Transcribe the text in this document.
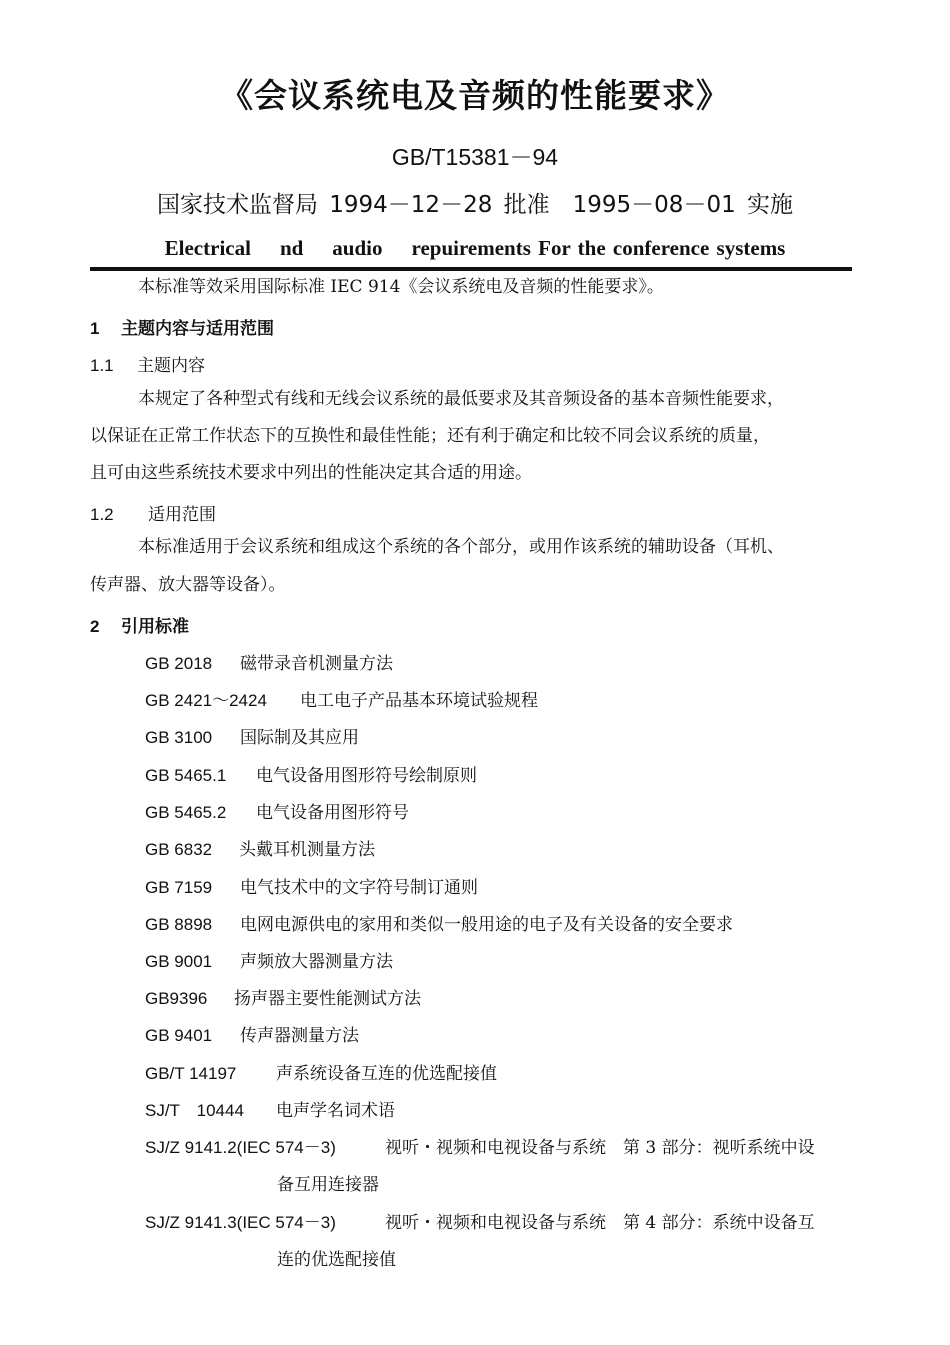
《会议系统电及音频的性能要求》
GB/T15381－94
国家技术监督局 1994－12－28 批准　1995－08－01 实施
Electrical nd audio repuirements For the conference systems
本标准等效采用国际标准 IEC 914《会议系统电及音频的性能要求》。
1 主题内容与适用范围
1.1 主题内容
本规定了各种型式有线和无线会议系统的最低要求及其音频设备的基本音频性能要求，
以保证在正常工作状态下的互换性和最佳性能；还有利于确定和比较不同会议系统的质量，
且可由这些系统技术要求中列出的性能决定其合适的用途。
1.2 适用范围
本标准适用于会议系统和组成这个系统的各个部分，或用作该系统的辅助设备（耳机、
传声器、放大器等设备）。
2 引用标准
GB 2018 磁带录音机测量方法
GB 2421～2424 电工电子产品基本环境试验规程
GB 3100 国际制及其应用
GB 5465.1 电气设备用图形符号绘制原则
GB 5465.2 电气设备用图形符号
GB 6832 头戴耳机测量方法
GB 7159 电气技术中的文字符号制订通则
GB 8898 电网电源供电的家用和类似一般用途的电子及有关设备的安全要求
GB 9001 声频放大器测量方法
GB9396 扬声器主要性能测试方法
GB 9401 传声器测量方法
GB/T 14197 声系统设备互连的优选配接值
SJ/T　10444 电声学名词术语
SJ/Z 9141.2(IEC 574－3)	视听・视频和电视设备与系统　第 3 部分：视听系统中设
备互用连接器
SJ/Z 9141.3(IEC 574－3)	视听・视频和电视设备与系统　第 4 部分：系统中设备互
连的优选配接值
